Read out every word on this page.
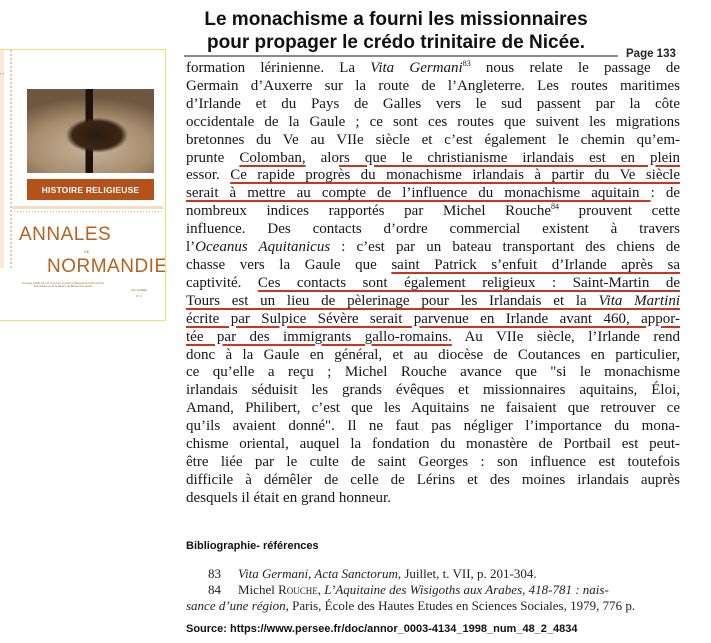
Le monachisme a fourni les missionnaires
pour propager le crédo trinitaire de Nicée.
Page 133
▪▪
HISTOIRE RELIGIEUSE
ANNALES
DE
NORMANDIE
Ouvrage publié avec le concours du Centre National de la Recherche Scientifique et de la Région de Basse-Normandie
47e ANNÉE
N° 2
formation lérinienne. La Vita Germani$^{83}$ nous relate le passage de
Germain d’Auxerre sur la route de l’Angleterre. Les routes maritimes
d’Irlande et du Pays de Galles vers le sud passent par la côte
occidentale de la Gaule ; ce sont ces routes que suivent les migrations
bretonnes du Ve au VIIe siècle et c’est également le chemin qu’em-
prunte Colomban, alors que le christianisme irlandais est en plein
essor. Ce rapide progrès du monachisme irlandais à partir du Ve siècle
serait à mettre au compte de l’influence du monachisme aquitain : de
nombreux indices rapportés par Michel Rouche$^{84}$ prouvent cette
influence. Des contacts d’ordre commercial existent à travers
l’Oceanus Aquitanicus : c’est par un bateau transportant des chiens de
chasse vers la Gaule que saint Patrick s’enfuit d’Irlande après sa
captivité. Ces contacts sont également religieux : Saint-Martin de
Tours est un lieu de pèlerinage pour les Irlandais et la Vita Martini
écrite par Sulpice Sévère serait parvenue en Irlande avant 460, appor-
tée par des immigrants gallo-romains. Au VIIe siècle, l’Irlande rend
donc à la Gaule en général, et au diocèse de Coutances en particulier,
ce qu’elle a reçu ; Michel Rouche avance que "si le monachisme
irlandais séduisit les grands évêques et missionnaires aquitains, Éloi,
Amand, Philibert, c’est que les Aquitains ne faisaient que retrouver ce
qu’ils avaient donné". Il ne faut pas négliger l’importance du mona-
chisme oriental, auquel la fondation du monastère de Portbail est peut-
être liée par le culte de saint Georges : son influence est toutefois
difficile à démêler de celle de Lérins et des moines irlandais auprès
desquels il était en grand honneur.
Bibliographie- références
83 Vita Germani, Acta Sanctorum, Juillet, t. VII, p. 201-304.
84 Michel Rouche, L’Aquitaine des Wisigoths aux Arabes, 418-781 : nais-
sance d’une région, Paris, École des Hautes Etudes en Sciences Sociales, 1979, 776 p.
Source: https://www.persee.fr/doc/annor_0003-4134_1998_num_48_2_4834
